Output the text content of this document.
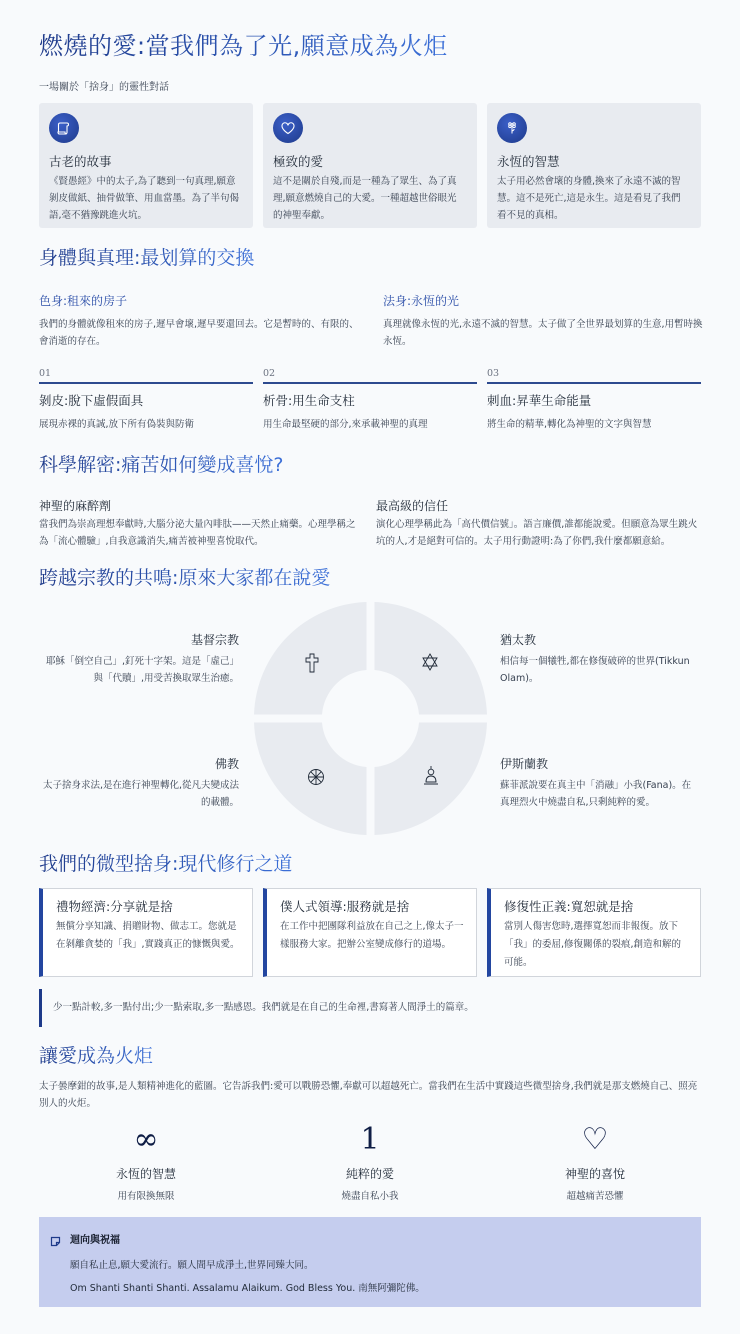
燃燒的愛:當我們為了光,願意成為火炬
一場關於「捨身」的靈性對話
古老的故事
《賢愚經》中的太子,為了聽到一句真理,願意剝皮做紙、抽骨做筆、用血當墨。為了半句偈語,毫不猶豫跳進火坑。
極致的愛
這不是關於自殘,而是一種為了眾生、為了真理,願意燃燒自己的大愛。一種超越世俗眼光的神聖奉獻。
永恆的智慧
太子用必然會壞的身體,換來了永遠不滅的智慧。這不是死亡,這是永生。這是看見了我們看不見的真相。
身體與真理:最划算的交換
色身:租來的房子
我們的身體就像租來的房子,遲早會壞,遲早要還回去。它是暫時的、有限的、會消逝的存在。
法身:永恆的光
真理就像永恆的光,永遠不滅的智慧。太子做了全世界最划算的生意,用暫時換永恆。
01
剝皮:脫下虛假面具
展現赤裸的真誠,放下所有偽裝與防衛
02
析骨:用生命支柱
用生命最堅硬的部分,來承載神聖的真理
03
刺血:昇華生命能量
將生命的精華,轉化為神聖的文字與智慧
科學解密:痛苦如何變成喜悅?
神聖的麻醉劑
當我們為崇高理想奉獻時,大腦分泌大量內啡肽——天然止痛藥。心理學稱之為「流心體驗」,自我意識消失,痛苦被神聖喜悅取代。
最高級的信任
演化心理學稱此為「高代價信號」。語言廉價,誰都能說愛。但願意為眾生跳火坑的人,才是絕對可信的。太子用行動證明:為了你們,我什麼都願意給。
跨越宗教的共鳴:原來大家都在說愛
基督宗教
耶穌「倒空自己」,釘死十字架。這是「虛己」與「代贖」,用受苦換取眾生治癒。
猶太教
相信每一個犧牲,都在修復破碎的世界(Tikkun Olam)。
佛教
太子捨身求法,是在進行神聖轉化,從凡夫變成法的載體。
伊斯蘭教
蘇菲派說要在真主中「消融」小我(Fana)。在真理烈火中燒盡自私,只剩純粹的愛。
我們的微型捨身:現代修行之道
禮物經濟:分享就是捨
無償分享知識、捐贈財物、做志工。您就是在剝離貪婪的「我」,實踐真正的慷慨與愛。
僕人式領導:服務就是捨
在工作中把團隊利益放在自己之上,像太子一樣服務大家。把辦公室變成修行的道場。
修復性正義:寬恕就是捨
當別人傷害您時,選擇寬恕而非報復。放下「我」的委屈,修復關係的裂痕,創造和解的可能。
少一點計較,多一點付出;少一點索取,多一點感恩。我們就是在自己的生命裡,書寫著人間淨土的篇章。
讓愛成為火炬
太子曇摩鉗的故事,是人類精神進化的藍圖。它告訴我們:愛可以戰勝恐懼,奉獻可以超越死亡。當我們在生活中實踐這些微型捨身,我們就是那支燃燒自己、照亮別人的火炬。
∞
永恆的智慧
用有限換無限
1
純粹的愛
燒盡自私小我
♡
神聖的喜悅
超越痛苦恐懼
迴向與祝福
願自私止息,願大愛流行。願人間早成淨土,世界同臻大同。
Om Shanti Shanti Shanti. Assalamu Alaikum. God Bless You. 南無阿彌陀佛。
